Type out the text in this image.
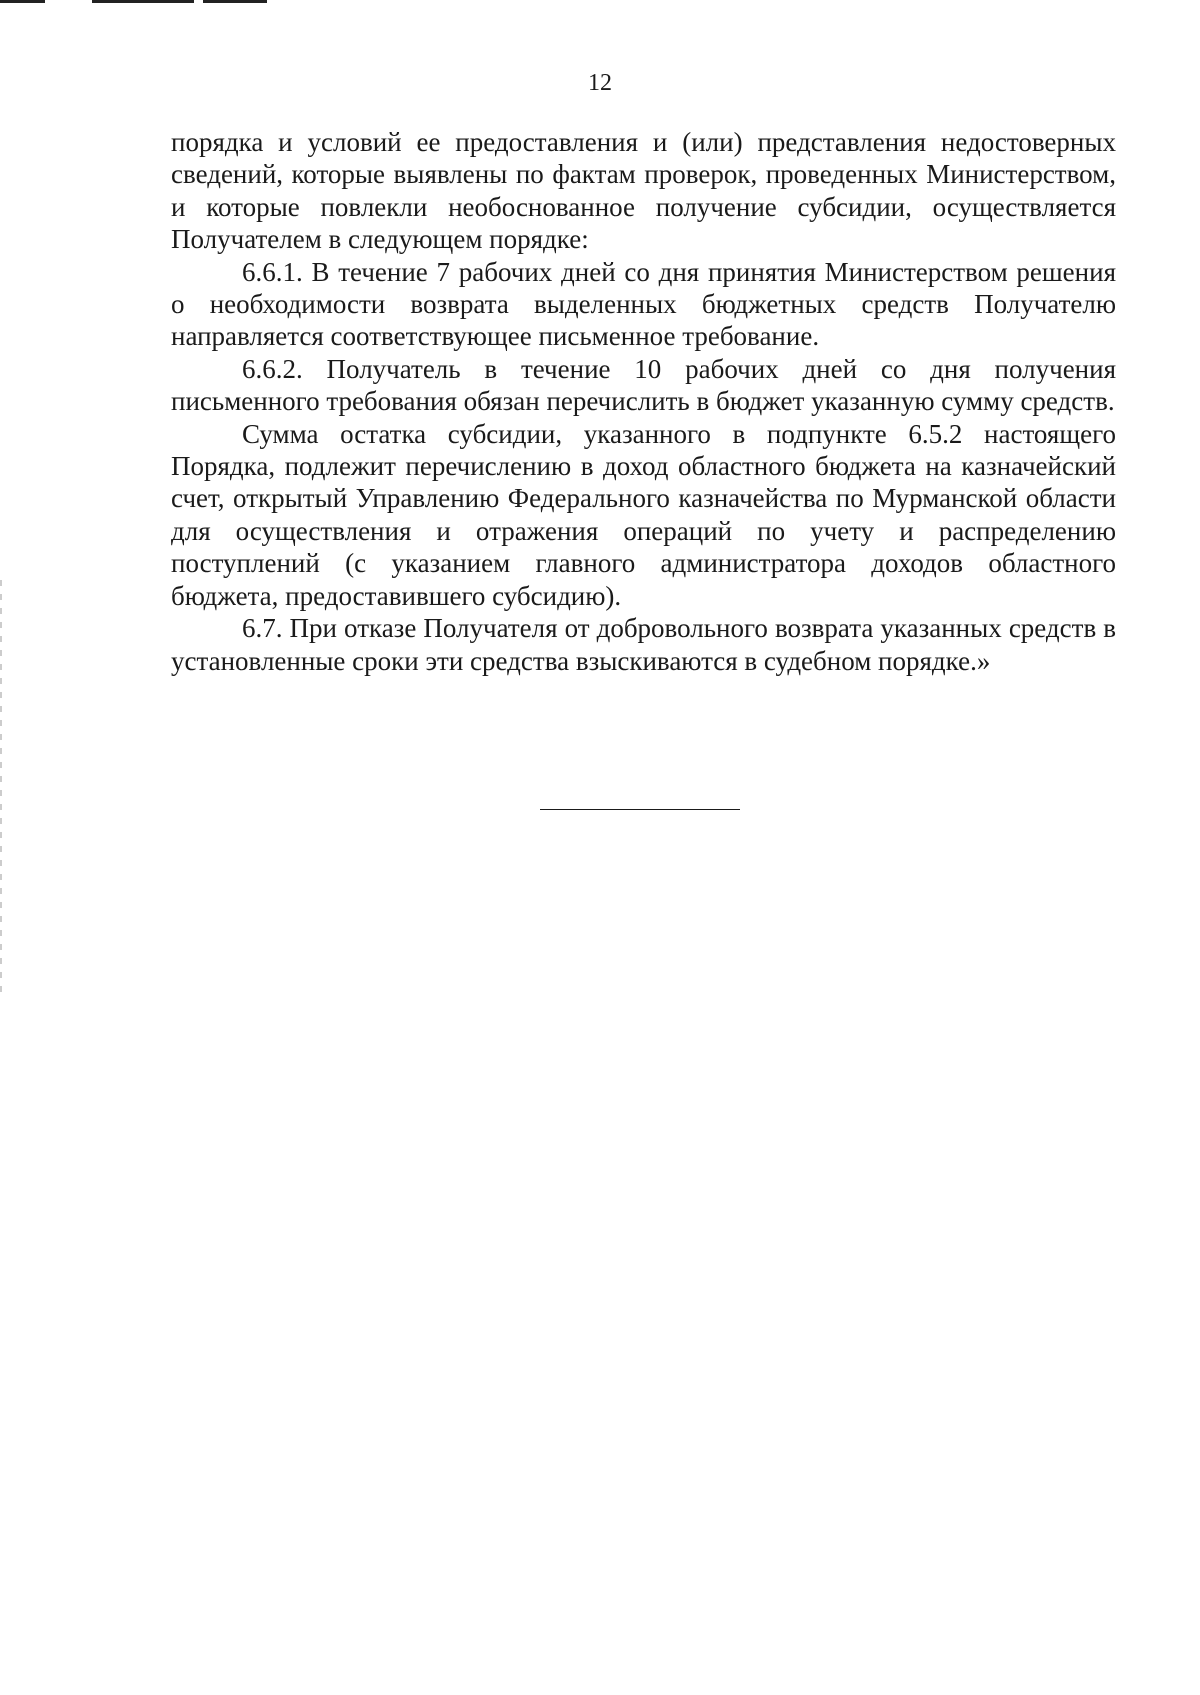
12

порядка и условий ее предоставления и (или) представления недостоверных сведений, которые выявлены по фактам проверок, проведенных Министерством, и которые повлекли необоснованное получение субсидии, осуществляется Получателем в следующем порядке:

6.6.1. В течение 7 рабочих дней со дня принятия Министерством решения о необходимости возврата выделенных бюджетных средств Получателю направляется соответствующее письменное требование.

6.6.2. Получатель в течение 10 рабочих дней со дня получения письменного требования обязан перечислить в бюджет указанную сумму средств.

Сумма остатка субсидии, указанного в подпункте 6.5.2 настоящего Порядка, подлежит перечислению в доход областного бюджета на казначейский счет, открытый Управлению Федерального казначейства по Мурманской области для осуществления и отражения операций по учету и распределению поступлений (с указанием главного администратора доходов областного бюджета, предоставившего субсидию).

6.7. При отказе Получателя от добровольного возврата указанных средств в установленные сроки эти средства взыскиваются в судебном порядке.»
